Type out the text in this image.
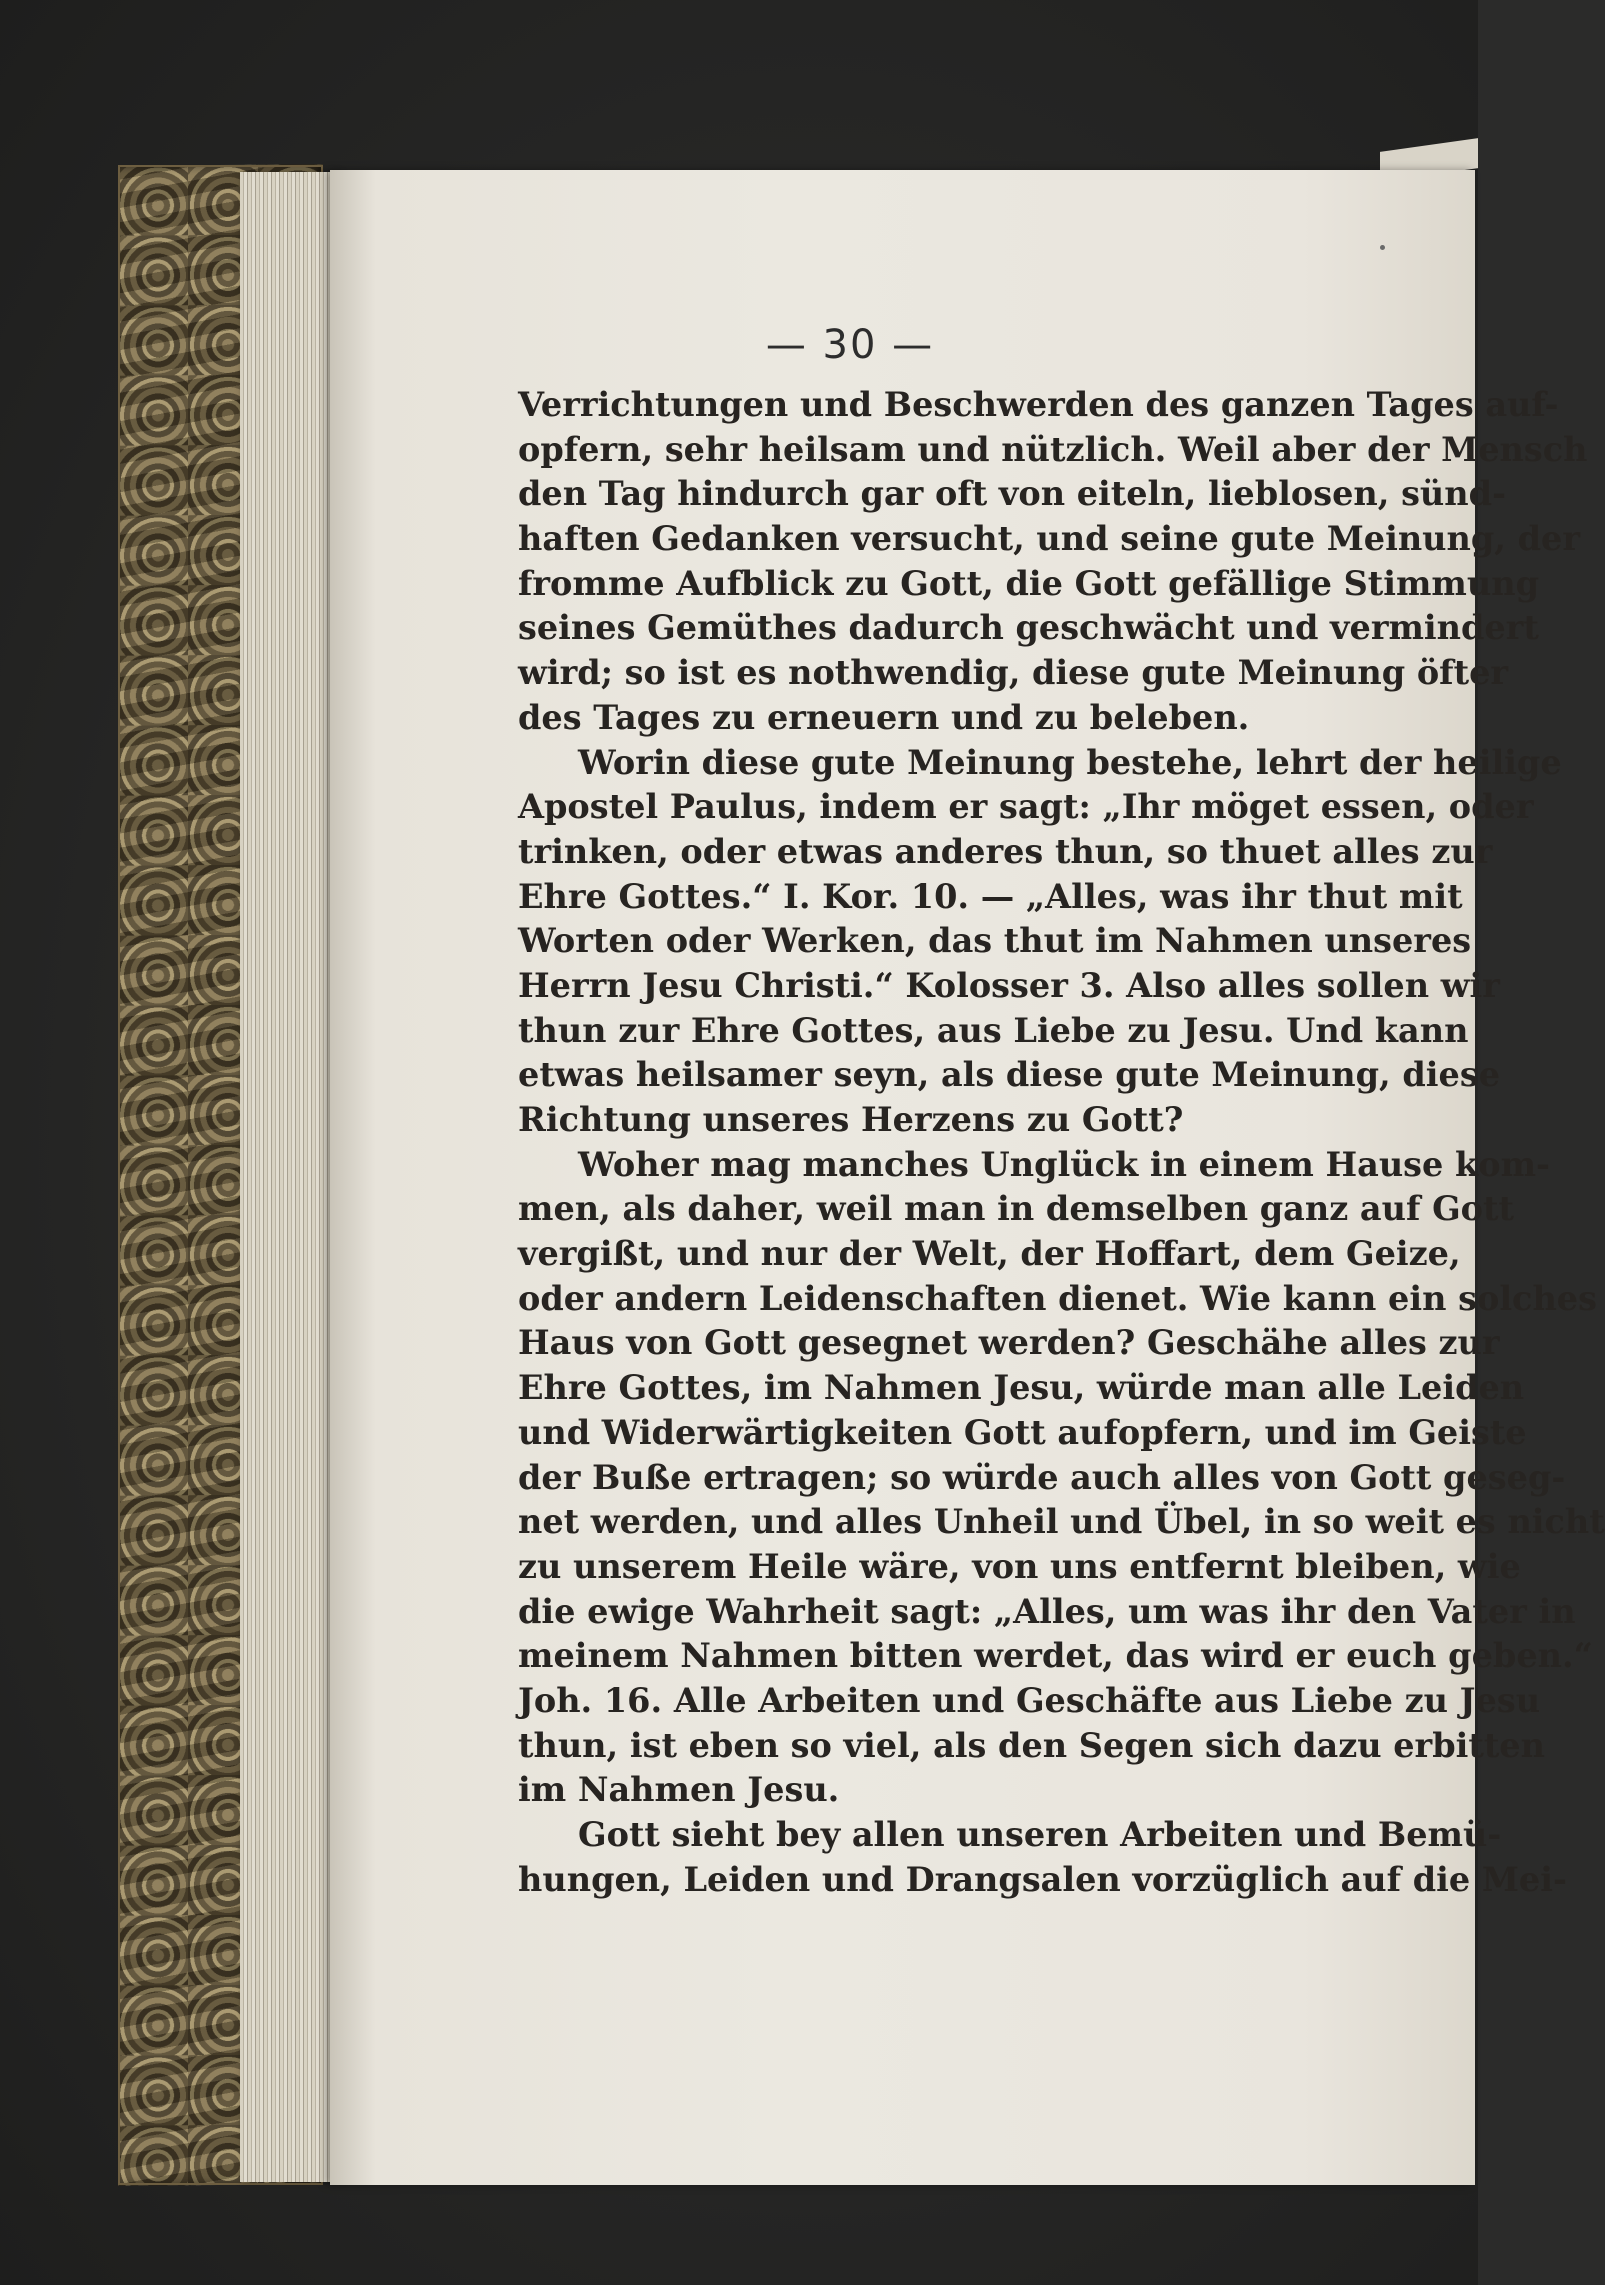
— 30 —
Verrichtungen und Beschwerden des ganzen Tages auf-
opfern, sehr heilsam und nützlich. Weil aber der Mensch
den Tag hindurch gar oft von eiteln, lieblosen, sünd-
haften Gedanken versucht, und seine gute Meinung, der
fromme Aufblick zu Gott, die Gott gefällige Stimmung
seines Gemüthes dadurch geschwächt und vermindert
wird; so ist es nothwendig, diese gute Meinung öfter
des Tages zu erneuern und zu beleben.
Worin diese gute Meinung bestehe, lehrt der heilige
Apostel Paulus, indem er sagt: „Ihr möget essen, oder
trinken, oder etwas anderes thun, so thuet alles zur
Ehre Gottes.“ I. Kor. 10. — „Alles, was ihr thut mit
Worten oder Werken, das thut im Nahmen unseres
Herrn Jesu Christi.“ Kolosser 3. Also alles sollen wir
thun zur Ehre Gottes, aus Liebe zu Jesu. Und kann
etwas heilsamer seyn, als diese gute Meinung, diese
Richtung unseres Herzens zu Gott?
Woher mag manches Unglück in einem Hause kom-
men, als daher, weil man in demselben ganz auf Gott
vergißt, und nur der Welt, der Hoffart, dem Geize,
oder andern Leidenschaften dienet. Wie kann ein solches
Haus von Gott gesegnet werden? Geschähe alles zur
Ehre Gottes, im Nahmen Jesu, würde man alle Leiden
und Widerwärtigkeiten Gott aufopfern, und im Geiste
der Buße ertragen; so würde auch alles von Gott geseg-
net werden, und alles Unheil und Übel, in so weit es nicht
zu unserem Heile wäre, von uns entfernt bleiben, wie
die ewige Wahrheit sagt: „Alles, um was ihr den Vater in
meinem Nahmen bitten werdet, das wird er euch geben.“
Joh. 16. Alle Arbeiten und Geschäfte aus Liebe zu Jesu
thun, ist eben so viel, als den Segen sich dazu erbitten
im Nahmen Jesu.
Gott sieht bey allen unseren Arbeiten und Bemü-
hungen, Leiden und Drangsalen vorzüglich auf die Mei-
